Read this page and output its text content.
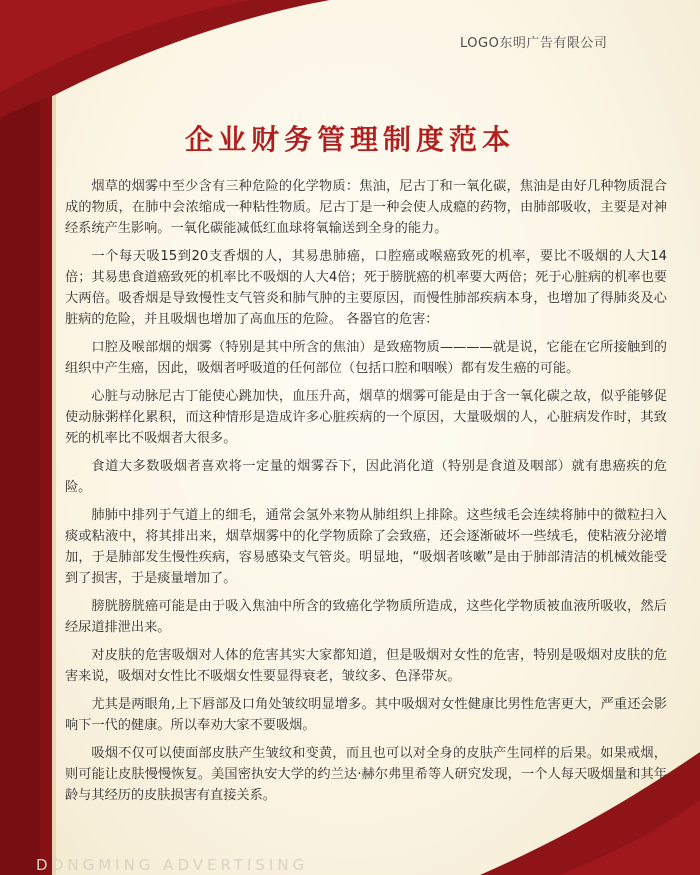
LOGO东明广告有限公司
企业财务管理制度范本

烟草的烟雾中至少含有三种危险的化学物质：焦油，尼古丁和一氧化碳，焦油是由好几种物质混合成的物质，在肺中会浓缩成一种粘性物质。尼古丁是一种会使人成瘾的药物，由肺部吸收，主要是对神经系统产生影响。一氧化碳能减低红血球将氧输送到全身的能力。

一个每天吸15到20支香烟的人，其易患肺癌，口腔癌或喉癌致死的机率，要比不吸烟的人大14倍；其易患食道癌致死的机率比不吸烟的人大4倍；死于膀胱癌的机率要大两倍；死于心脏病的机率也要大两倍。吸香烟是导致慢性支气管炎和肺气肿的主要原因，而慢性肺部疾病本身，也增加了得肺炎及心脏病的危险，并且吸烟也增加了高血压的危险。 各器官的危害：

口腔及喉部烟的烟雾（特别是其中所含的焦油）是致癌物质————就是说，它能在它所接触到的组织中产生癌，因此，吸烟者呼吸道的任何部位（包括口腔和咽喉）都有发生癌的可能。

心脏与动脉尼古丁能使心跳加快，血压升高，烟草的烟雾可能是由于含一氧化碳之故，似乎能够促使动脉粥样化累积，而这种情形是造成许多心脏疾病的一个原因，大量吸烟的人，心脏病发作时，其致死的机率比不吸烟者大很多。

食道大多数吸烟者喜欢将一定量的烟雾吞下，因此消化道（特别是食道及咽部）就有患癌疾的危险。

肺肺中排列于气道上的细毛，通常会氢外来物从肺组织上排除。这些绒毛会连续将肺中的微粒扫入痰或粘液中，将其排出来，烟草烟雾中的化学物质除了会致癌，还会逐渐破坏一些绒毛，使粘液分泌增加，于是肺部发生慢性疾病，容易感染支气管炎。明显地，“吸烟者咳嗽”是由于肺部清洁的机械效能受到了损害，于是痰量增加了。

膀胱膀胱癌可能是由于吸入焦油中所含的致癌化学物质所造成，这些化学物质被血液所吸收，然后经尿道排泄出来。

对皮肤的危害吸烟对人体的危害其实大家都知道，但是吸烟对女性的危害，特别是吸烟对皮肤的危害来说，吸烟对女性比不吸烟女性要显得衰老，皱纹多、色泽带灰。

尤其是两眼角,上下唇部及口角处皱纹明显增多。其中吸烟对女性健康比男性危害更大，严重还会影响下一代的健康。所以奉劝大家不要吸烟。

吸烟不仅可以使面部皮肤产生皱纹和变黄，而且也可以对全身的皮肤产生同样的后果。如果戒烟，则可能让皮肤慢慢恢复。美国密执安大学的约兰达·赫尔弗里希等人研究发现，一个人每天吸烟量和其年龄与其经历的皮肤损害有直接关系。

DONGMING ADVERTISING
